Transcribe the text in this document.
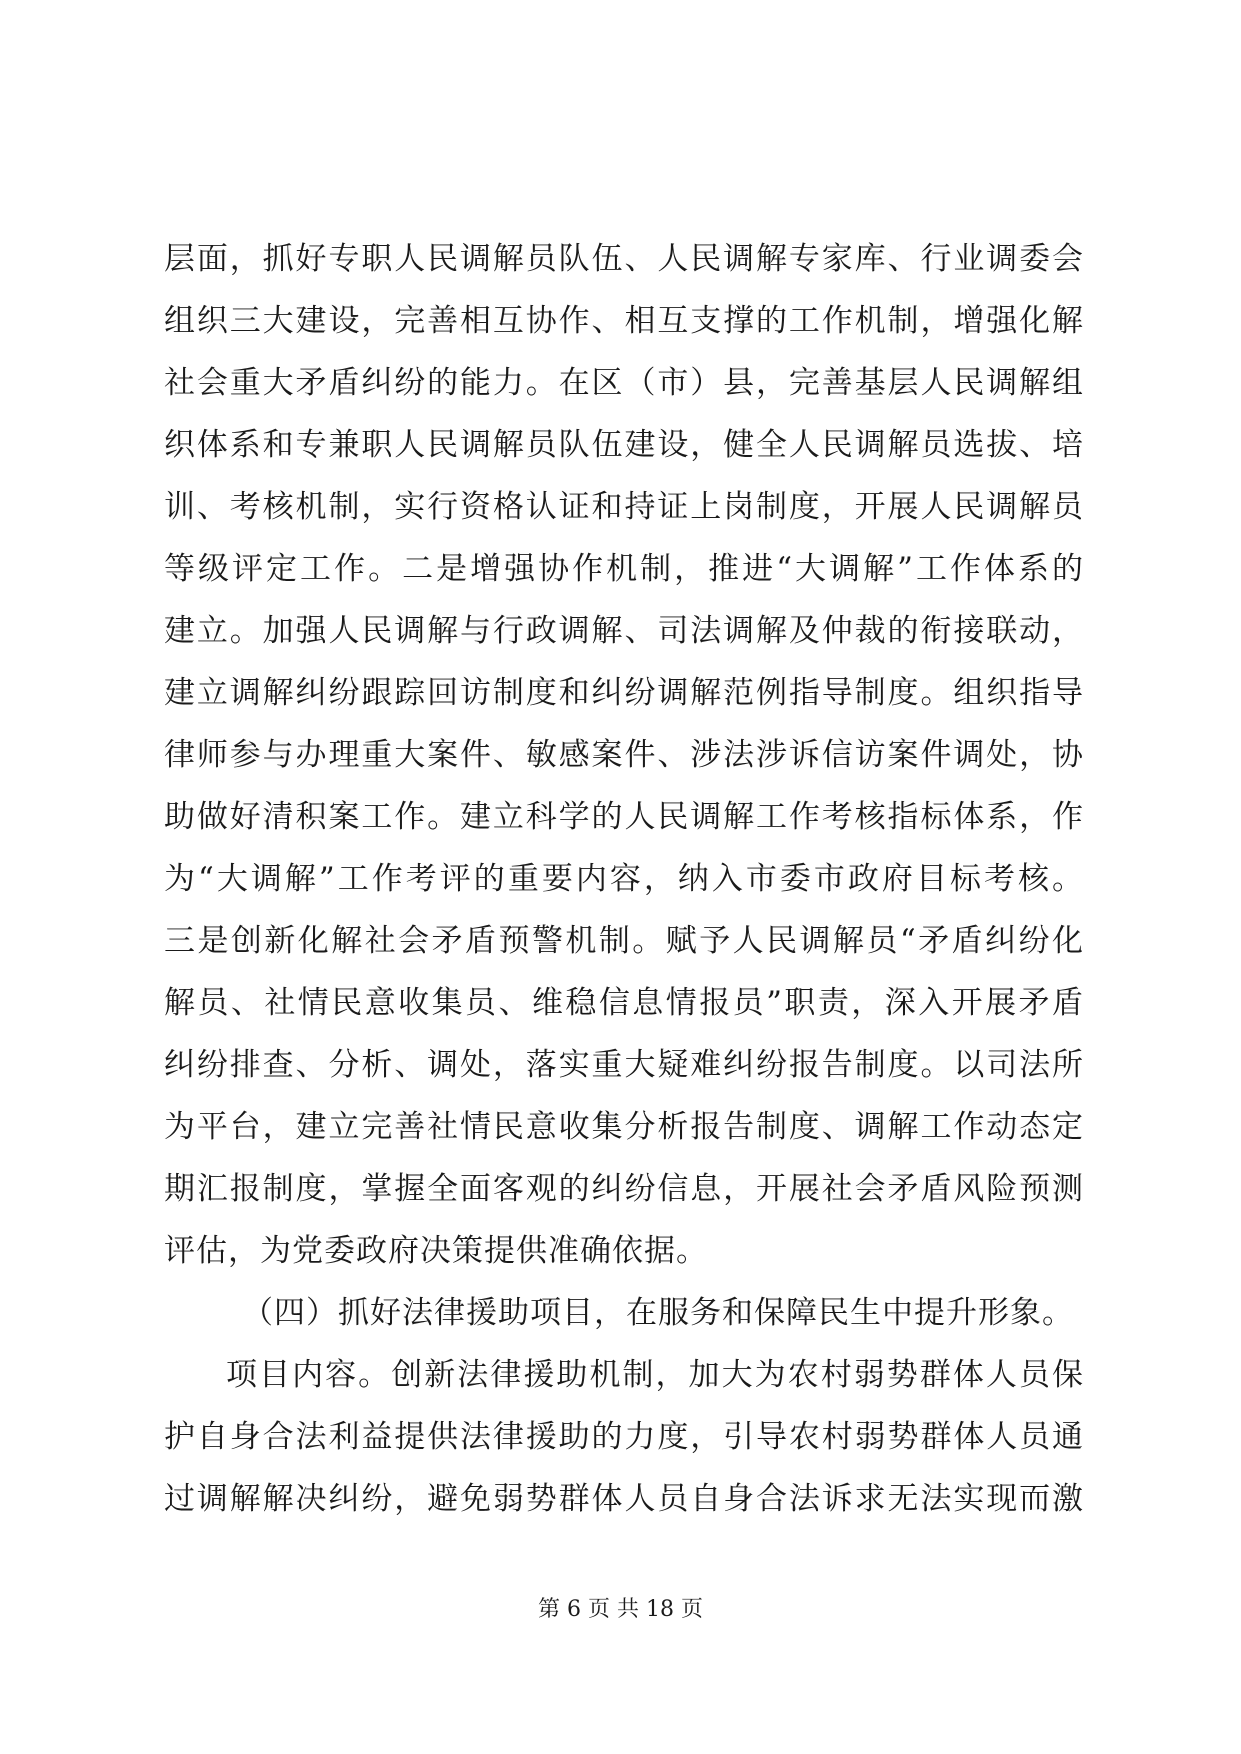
层面，抓好专职人民调解员队伍、人民调解专家库、行业调委会
组织三大建设，完善相互协作、相互支撑的工作机制，增强化解
社会重大矛盾纠纷的能力。在区（市）县，完善基层人民调解组
织体系和专兼职人民调解员队伍建设，健全人民调解员选拔、培
训、考核机制，实行资格认证和持证上岗制度，开展人民调解员
等级评定工作。二是增强协作机制，推进“大调解”工作体系的
建立。加强人民调解与行政调解、司法调解及仲裁的衔接联动，
建立调解纠纷跟踪回访制度和纠纷调解范例指导制度。组织指导
律师参与办理重大案件、敏感案件、涉法涉诉信访案件调处，协
助做好清积案工作。建立科学的人民调解工作考核指标体系，作
为“大调解”工作考评的重要内容，纳入市委市政府目标考核。
三是创新化解社会矛盾预警机制。赋予人民调解员“矛盾纠纷化
解员、社情民意收集员、维稳信息情报员”职责，深入开展矛盾
纠纷排查、分析、调处，落实重大疑难纠纷报告制度。以司法所
为平台，建立完善社情民意收集分析报告制度、调解工作动态定
期汇报制度，掌握全面客观的纠纷信息，开展社会矛盾风险预测
评估，为党委政府决策提供准确依据。
（四）抓好法律援助项目，在服务和保障民生中提升形象。
项目内容。创新法律援助机制，加大为农村弱势群体人员保
护自身合法利益提供法律援助的力度，引导农村弱势群体人员通
过调解解决纠纷，避免弱势群体人员自身合法诉求无法实现而激
第 6 页 共 18 页
